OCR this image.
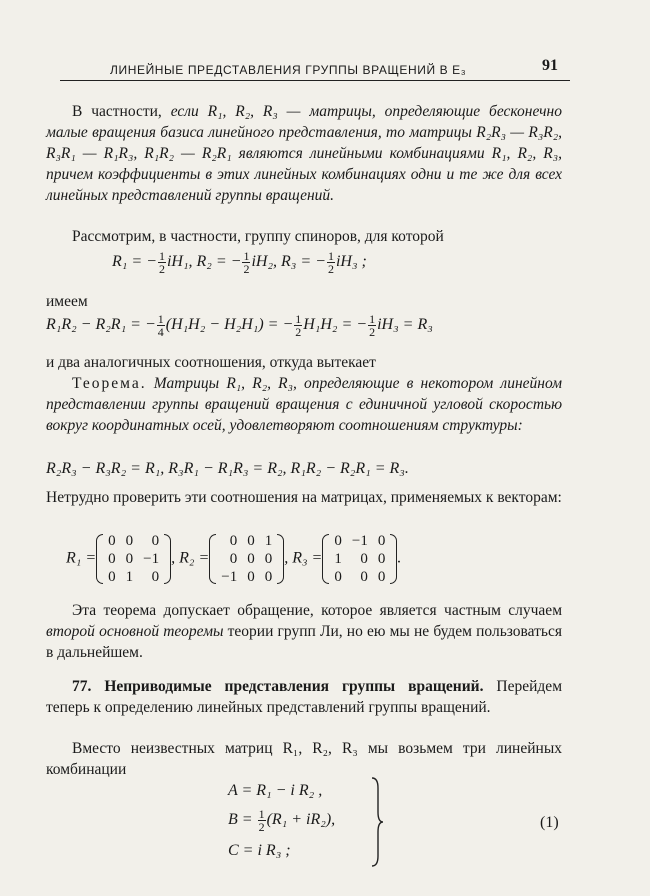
ЛИНЕЙНЫЕ ПРЕДСТАВЛЕНИЯ ГРУППЫ ВРАЩЕНИЙ В E₃	91
В частности, если R₁, R₂, R₃ — матрицы, определяющие бесконечно малые вращения базиса линейного представления, то матрицы R₂R₃ — R₃R₂, R₃R₁ — R₁R₃, R₁R₂ — R₂R₁ являются линейными комбинациями R₁, R₂, R₃, причем коэффициенты в этих линейных комбинациях одни и те же для всех линейных представлений группы вращений.
Рассмотрим, в частности, группу спиноров, для которой
R₁ = − $\frac{1}{2} iH_1$, R₂ = − $\frac{1}{2} iH_2$, R₃ = − $\frac{1}{2} iH_3$ ;
имеем
R₁R₂ − R₂R₁ = − $\frac{1}{4} (H_1H_2 - H_2H_1)$ = − $\frac{1}{2} H_1H_2$ = − $\frac{1}{2} iH_3 = R_3$
и два аналогичных соотношения, откуда вытекает
Теорема. Матрицы R₁, R₂, R₃, определяющие в некотором линейном представлении группы вращений вращения с единичной угловой скоростью вокруг координатных осей, удовлетворяют соотношениям структуры:
R₂R₃ − R₃R₂ = R₁, R₃R₁ − R₁R₃ = R₂, R₁R₂ − R₂R₁ = R₃.
Нетрудно проверить эти соотношения на матрицах, применяемых к векторам:
R₁ =
0	0	0
0	0	−1
0	1	0
, R₂ =
0	0	1
0	0	0
−1	0	0
, R₃ =
0	−1	0
1	0	0
0	0	0
.
Эта теорема допускает обращение, которое является частным случаем второй основной теоремы теории групп Ли, но ею мы не будем пользоваться в дальнейшем.
77. Неприводимые представления группы вращений. Перейдем теперь к определению линейных представлений группы вращений.
Вместо неизвестных матриц R₁, R₂, R₃ мы возьмем три линейных комбинации
A = R₁ − i R₂ ,
$B = \frac{1}{2} (R_1 + iR_2)$,
C = i R₃ ;
(1)
